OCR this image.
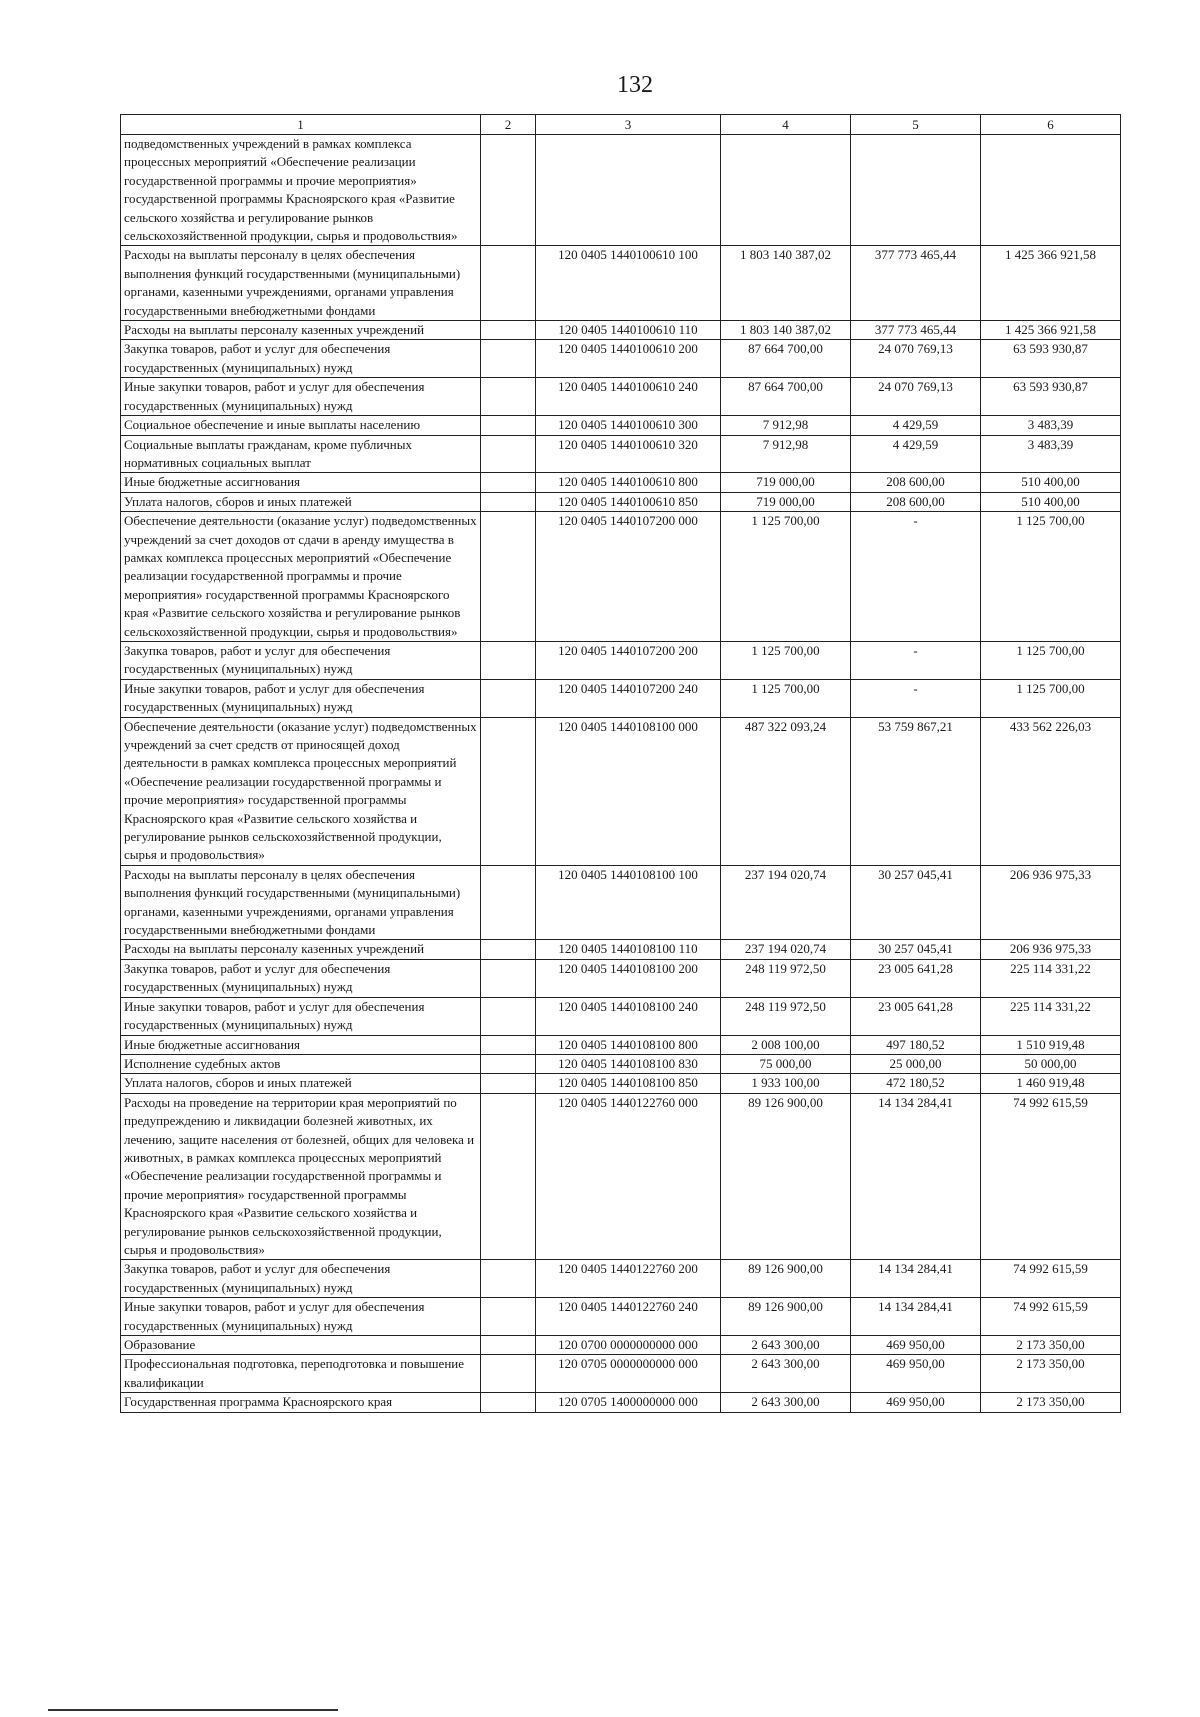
132
1	2	3	4	5	6
подведомственных учреждений в рамках комплекса процессных мероприятий «Обеспечение реализации государственной программы и прочие мероприятия» государственной программы Красноярского края «Развитие сельского хозяйства и регулирование рынков сельскохозяйственной продукции, сырья и продовольствия»					
Расходы на выплаты персоналу в целях обеспечения выполнения функций государственными (муниципальными) органами, казенными учреждениями, органами управления государственными внебюджетными фондами		120 0405 1440100610 100	1 803 140 387,02	377 773 465,44	1 425 366 921,58
Расходы на выплаты персоналу казенных учреждений		120 0405 1440100610 110	1 803 140 387,02	377 773 465,44	1 425 366 921,58
Закупка товаров, работ и услуг для обеспечения государственных (муниципальных) нужд		120 0405 1440100610 200	87 664 700,00	24 070 769,13	63 593 930,87
Иные закупки товаров, работ и услуг для обеспечения государственных (муниципальных) нужд		120 0405 1440100610 240	87 664 700,00	24 070 769,13	63 593 930,87
Социальное обеспечение и иные выплаты населению		120 0405 1440100610 300	7 912,98	4 429,59	3 483,39
Социальные выплаты гражданам, кроме публичных нормативных социальных выплат		120 0405 1440100610 320	7 912,98	4 429,59	3 483,39
Иные бюджетные ассигнования		120 0405 1440100610 800	719 000,00	208 600,00	510 400,00
Уплата налогов, сборов и иных платежей		120 0405 1440100610 850	719 000,00	208 600,00	510 400,00
Обеспечение деятельности (оказание услуг) подведомственных учреждений за счет доходов от сдачи в аренду имущества в рамках комплекса процессных мероприятий «Обеспечение реализации государственной программы и прочие мероприятия» государственной программы Красноярского края «Развитие сельского хозяйства и регулирование рынков сельскохозяйственной продукции, сырья и продовольствия»		120 0405 1440107200 000	1 125 700,00	-	1 125 700,00
Закупка товаров, работ и услуг для обеспечения государственных (муниципальных) нужд		120 0405 1440107200 200	1 125 700,00	-	1 125 700,00
Иные закупки товаров, работ и услуг для обеспечения государственных (муниципальных) нужд		120 0405 1440107200 240	1 125 700,00	-	1 125 700,00
Обеспечение деятельности (оказание услуг) подведомственных учреждений за счет средств от приносящей доход деятельности в рамках комплекса процессных мероприятий «Обеспечение реализации государственной программы и прочие мероприятия» государственной программы Красноярского края «Развитие сельского хозяйства и регулирование рынков сельскохозяйственной продукции, сырья и продовольствия»		120 0405 1440108100 000	487 322 093,24	53 759 867,21	433 562 226,03
Расходы на выплаты персоналу в целях обеспечения выполнения функций государственными (муниципальными) органами, казенными учреждениями, органами управления государственными внебюджетными фондами		120 0405 1440108100 100	237 194 020,74	30 257 045,41	206 936 975,33
Расходы на выплаты персоналу казенных учреждений		120 0405 1440108100 110	237 194 020,74	30 257 045,41	206 936 975,33
Закупка товаров, работ и услуг для обеспечения государственных (муниципальных) нужд		120 0405 1440108100 200	248 119 972,50	23 005 641,28	225 114 331,22
Иные закупки товаров, работ и услуг для обеспечения государственных (муниципальных) нужд		120 0405 1440108100 240	248 119 972,50	23 005 641,28	225 114 331,22
Иные бюджетные ассигнования		120 0405 1440108100 800	2 008 100,00	497 180,52	1 510 919,48
Исполнение судебных актов		120 0405 1440108100 830	75 000,00	25 000,00	50 000,00
Уплата налогов, сборов и иных платежей		120 0405 1440108100 850	1 933 100,00	472 180,52	1 460 919,48
Расходы на проведение на территории края мероприятий по предупреждению и ликвидации болезней животных, их лечению, защите населения от болезней, общих для человека и животных, в рамках комплекса процессных мероприятий «Обеспечение реализации государственной программы и прочие мероприятия» государственной программы Красноярского края «Развитие сельского хозяйства и регулирование рынков сельскохозяйственной продукции, сырья и продовольствия»		120 0405 1440122760 000	89 126 900,00	14 134 284,41	74 992 615,59
Закупка товаров, работ и услуг для обеспечения государственных (муниципальных) нужд		120 0405 1440122760 200	89 126 900,00	14 134 284,41	74 992 615,59
Иные закупки товаров, работ и услуг для обеспечения государственных (муниципальных) нужд		120 0405 1440122760 240	89 126 900,00	14 134 284,41	74 992 615,59
Образование		120 0700 0000000000 000	2 643 300,00	469 950,00	2 173 350,00
Профессиональная подготовка, переподготовка и повышение квалификации		120 0705 0000000000 000	2 643 300,00	469 950,00	2 173 350,00
Государственная программа Красноярского края		120 0705 1400000000 000	2 643 300,00	469 950,00	2 173 350,00
